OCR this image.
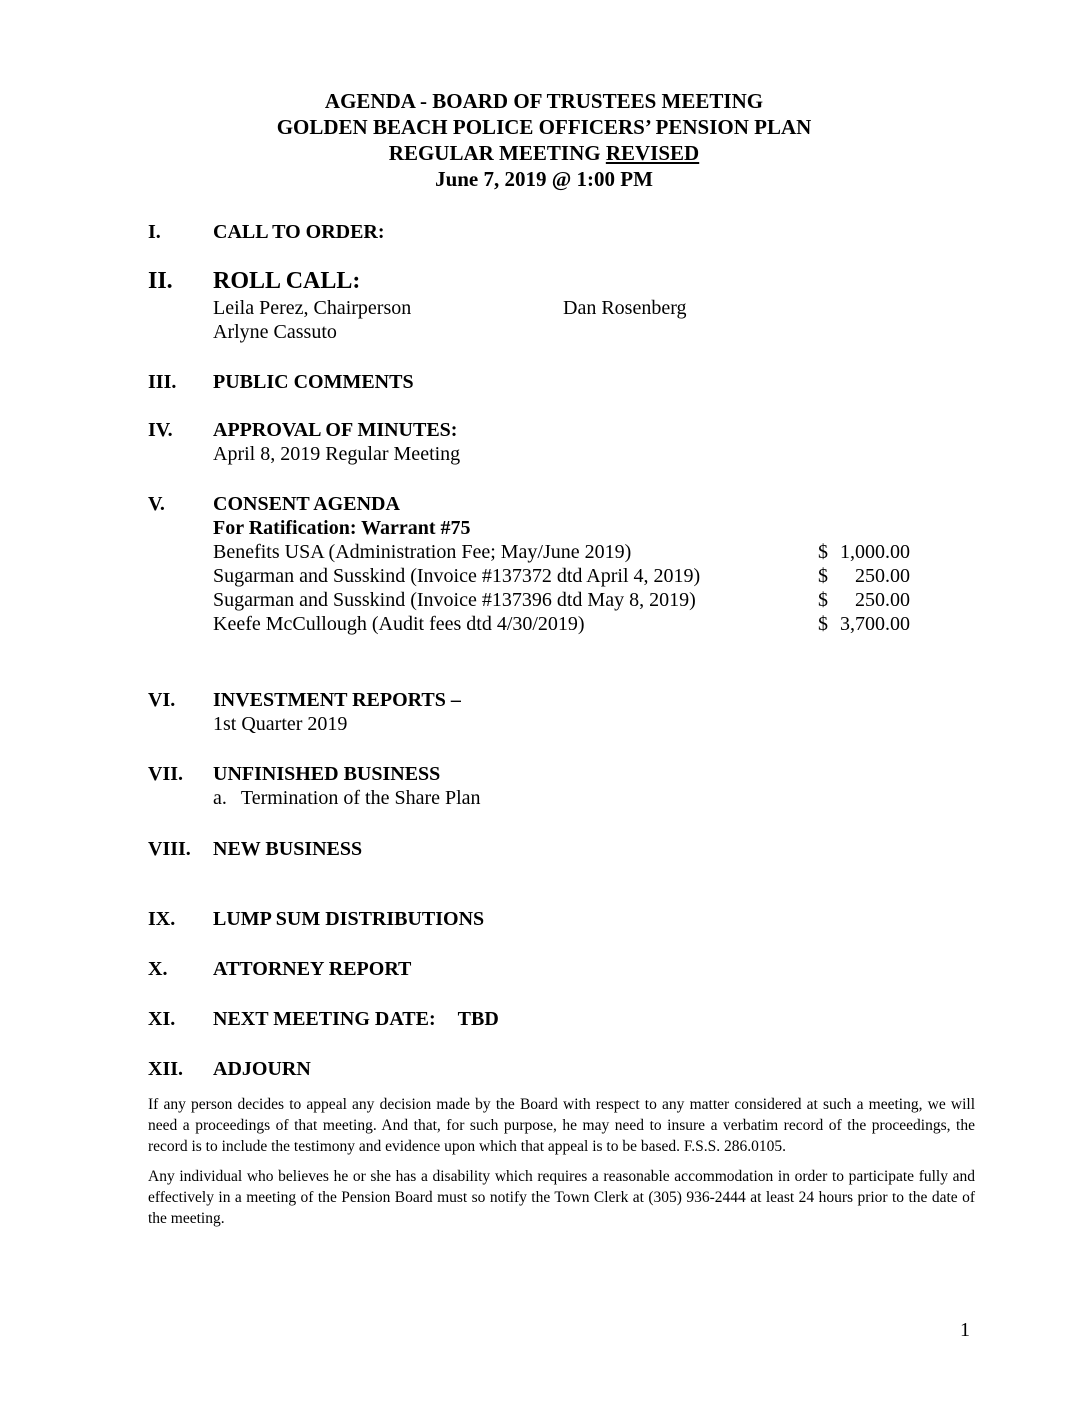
AGENDA - BOARD OF TRUSTEES MEETING
GOLDEN BEACH POLICE OFFICERS’ PENSION PLAN
REGULAR MEETING REVISED
June 7, 2019 @ 1:00 PM
I.	CALL TO ORDER:
II.	ROLL CALL:
Leila Perez, Chairperson	Dan Rosenberg
Arlyne Cassuto
III.	PUBLIC COMMENTS
IV.	APPROVAL OF MINUTES:
April 8, 2019 Regular Meeting
V.	CONSENT AGENDA
For Ratification: Warrant #75
Benefits USA (Administration Fee; May/June 2019)	$ 1,000.00
Sugarman and Susskind (Invoice #137372 dtd April 4, 2019)	$	250.00
Sugarman and Susskind (Invoice #137396 dtd May 8, 2019)	$	250.00
Keefe McCullough (Audit fees dtd 4/30/2019)	$ 3,700.00
VI.	INVESTMENT REPORTS –
1st Quarter 2019
VII.	UNFINISHED BUSINESS
a. Termination of the Share Plan
VIII.	NEW BUSINESS
IX.	LUMP SUM DISTRIBUTIONS
X.	ATTORNEY REPORT
XI.	NEXT MEETING DATE: TBD
XII.	ADJOURN

If any person decides to appeal any decision made by the Board with respect to any matter considered at such a meeting, we will need a proceedings of that meeting. And that, for such purpose, he may need to insure a verbatim record of the proceedings, the record is to include the testimony and evidence upon which that appeal is to be based. F.S.S. 286.0105.

Any individual who believes he or she has a disability which requires a reasonable accommodation in order to participate fully and effectively in a meeting of the Pension Board must so notify the Town Clerk at (305) 936-2444 at least 24 hours prior to the date of the meeting.

1
